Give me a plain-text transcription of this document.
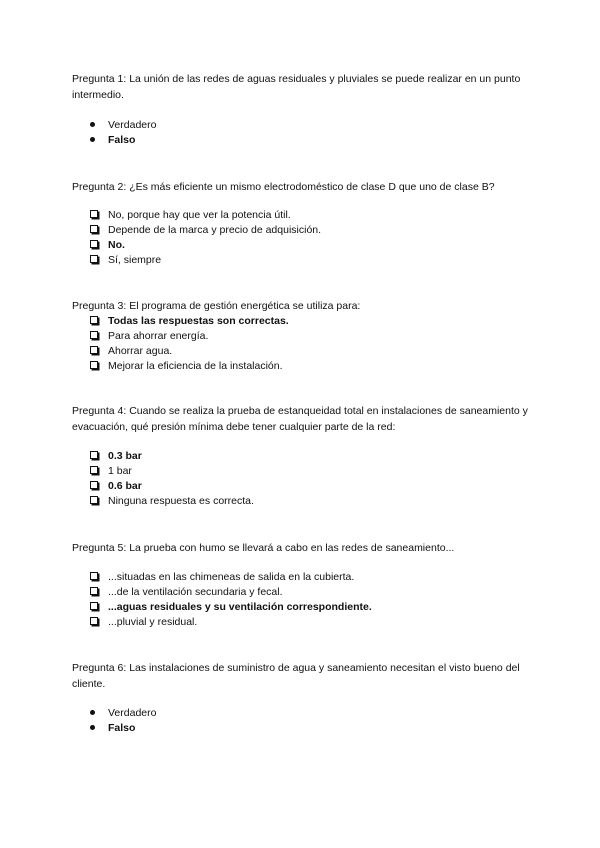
Pregunta 1: La unión de las redes de aguas residuales y pluviales se puede realizar en un punto intermedio.
Verdadero
Falso
Pregunta 2: ¿Es más eficiente un mismo electrodoméstico de clase D que uno de clase B?
No, porque hay que ver la potencia útil.
Depende de la marca y precio de adquisición.
No.
Sí, siempre
Pregunta 3: El programa de gestión energética se utiliza para:
Todas las respuestas son correctas.
Para ahorrar energía.
Ahorrar agua.
Mejorar la eficiencia de la instalación.
Pregunta 4: Cuando se realiza la prueba de estanqueidad total en instalaciones de saneamiento y evacuación, qué presión mínima debe tener cualquier parte de la red:
0.3 bar
1 bar
0.6 bar
Ninguna respuesta es correcta.
Pregunta 5: La prueba con humo se llevará a cabo en las redes de saneamiento...
...situadas en las chimeneas de salida en la cubierta.
...de la ventilación secundaria y fecal.
...aguas residuales y su ventilación correspondiente.
...pluvial y residual.
Pregunta 6: Las instalaciones de suministro de agua y saneamiento necesitan el visto bueno del cliente.
Verdadero
Falso
